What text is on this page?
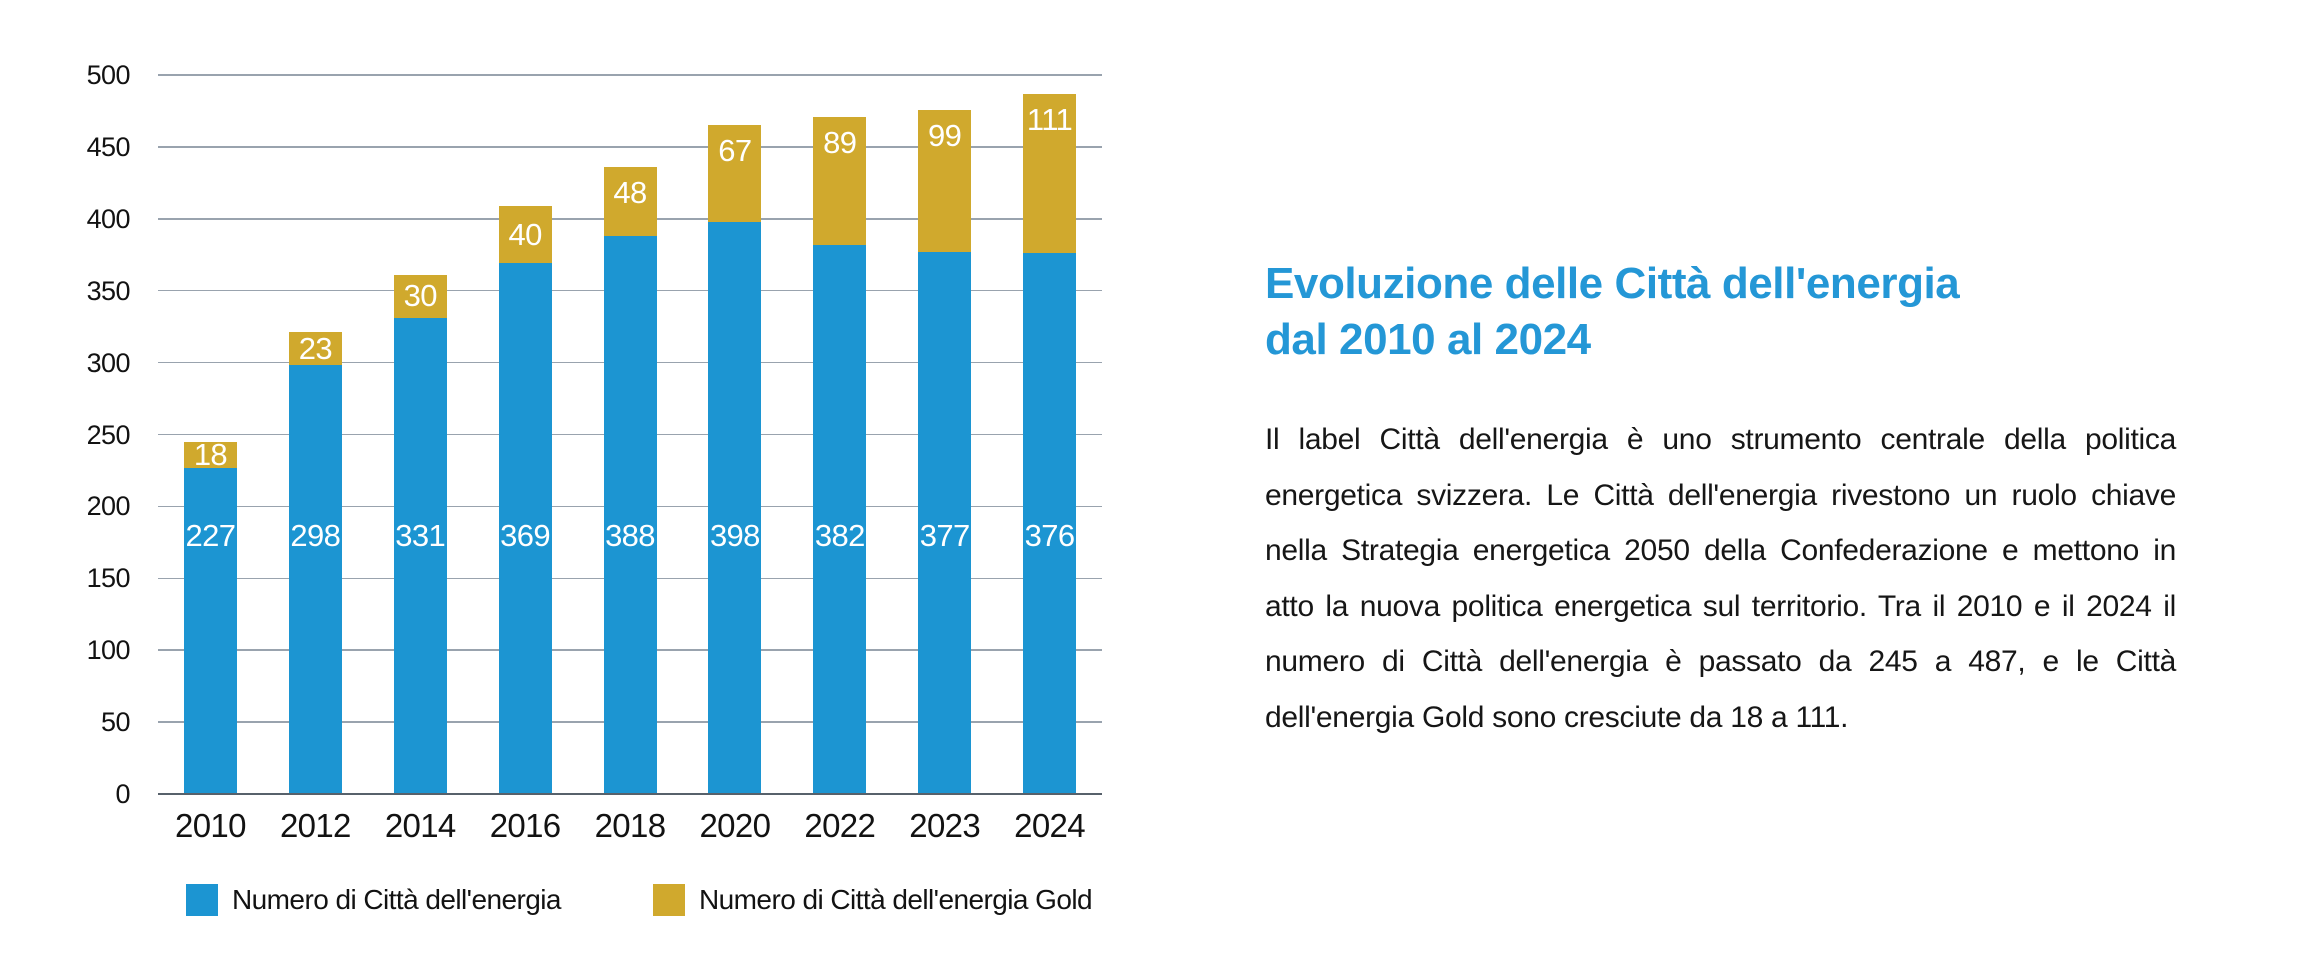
18
227
23
298
30
331
40
369
48
388
67
398
89
382
99
377
111
376
Numero di Città dell'energia	Numero di Città dell'energia Gold
0
50
100
150
200
250
300
350
400
450
500
2010	2012	2014	2016	2018	2020	2022	2023	2024
Evoluzione delle Città dell'energia
dal 2010 al 2024
Il label Città dell'energia è uno strumento centrale della politica energetica svizzera. Le Città dell'energia rivestono un ruolo chiave nella Strategia energetica 2050 della Confederazione e mettono in atto la nuova politica energetica sul territorio. Tra il 2010 e il 2024 il numero di Città dell'energia è passato da 245 a 487, e le Città dell'energia Gold sono cresciute da 18 a 111.
